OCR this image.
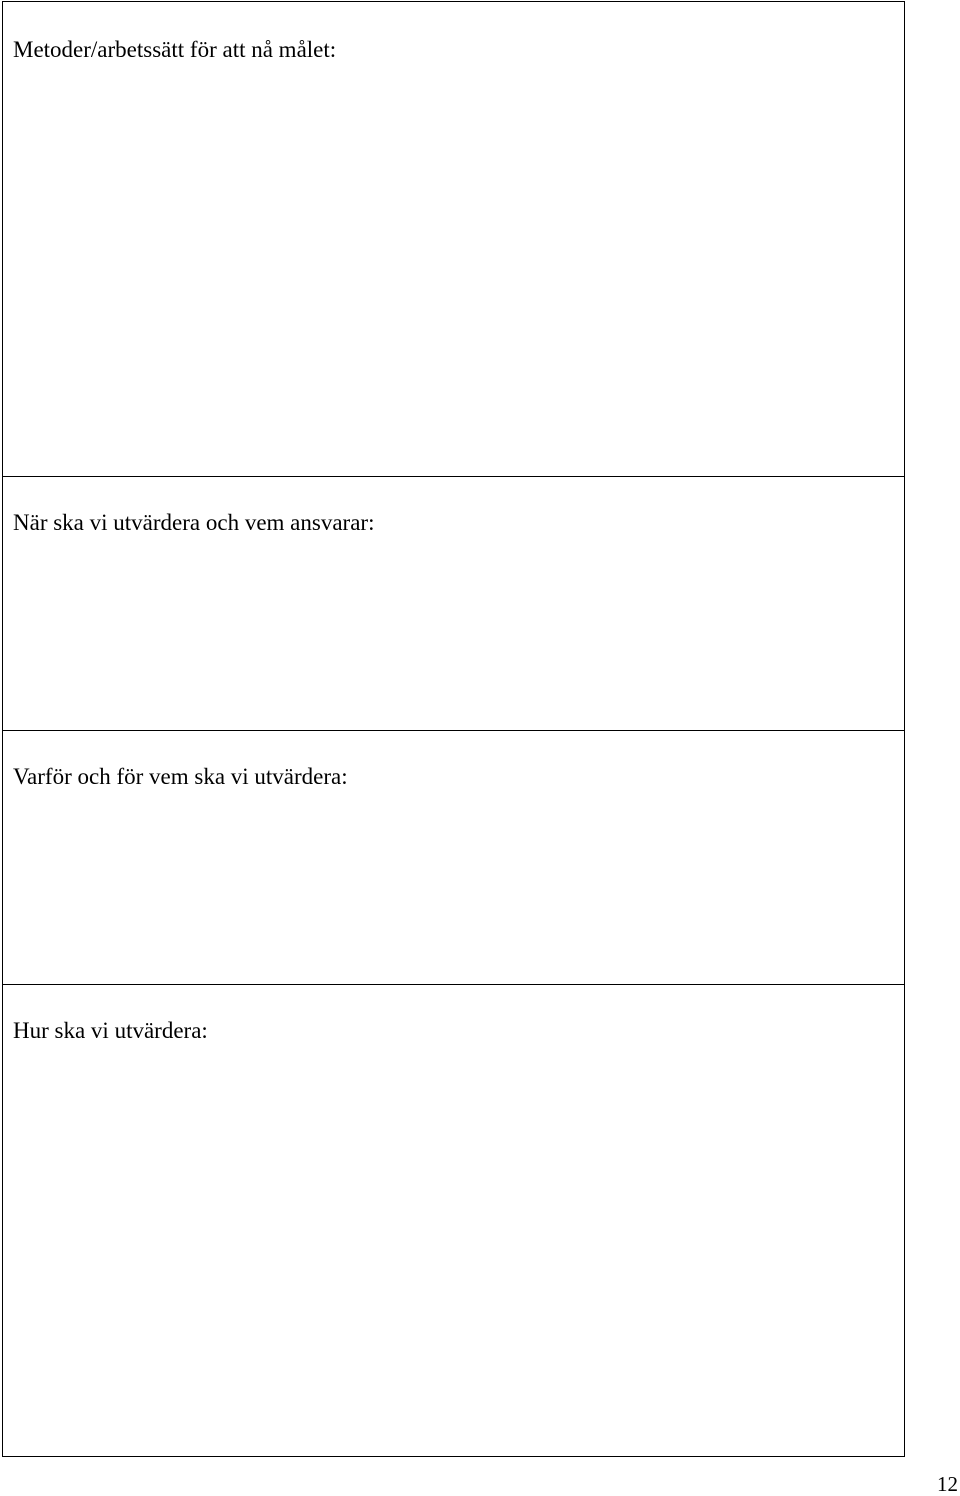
Metoder/arbetssätt för att nå målet:
När ska vi utvärdera och vem ansvarar:
Varför och för vem ska vi utvärdera:
Hur ska vi utvärdera:
12
